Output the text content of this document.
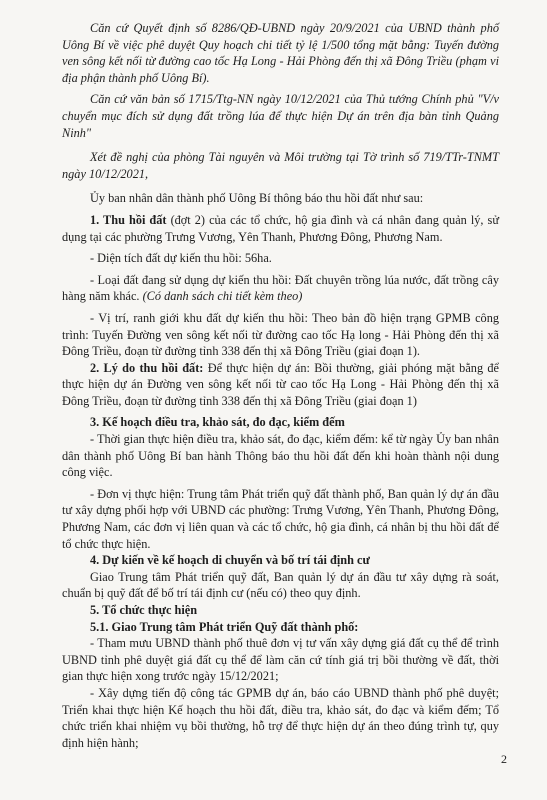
Căn cứ Quyết định số 8286/QĐ-UBND ngày 20/9/2021 của UBND thành phố Uông Bí về việc phê duyệt Quy hoạch chi tiết tỷ lệ 1/500 tổng mặt bằng: Tuyến đường ven sông kết nối từ đường cao tốc Hạ Long - Hải Phòng đến thị xã Đông Triều (phạm vi địa phận thành phố Uông Bí).

Căn cứ văn bản số 1715/Ttg-NN ngày 10/12/2021 của Thủ tướng Chính phủ "V/v chuyển mục đích sử dụng đất trồng lúa để thực hiện Dự án trên địa bàn tỉnh Quảng Ninh"

Xét đề nghị của phòng Tài nguyên và Môi trường tại Tờ trình số 719/TTr-TNMT ngày 10/12/2021,

Ủy ban nhân dân thành phố Uông Bí thông báo thu hồi đất như sau:

1. Thu hồi đất (đợt 2) của các tổ chức, hộ gia đình và cá nhân đang quản lý, sử dụng tại các phường Trưng Vương, Yên Thanh, Phương Đông, Phương Nam.

- Diện tích đất dự kiến thu hồi: 56ha.

- Loại đất đang sử dụng dự kiến thu hồi: Đất chuyên trồng lúa nước, đất trồng cây hàng năm khác. (Có danh sách chi tiết kèm theo)

- Vị trí, ranh giới khu đất dự kiến thu hồi: Theo bản đồ hiện trạng GPMB công trình: Tuyến Đường ven sông kết nối từ đường cao tốc Hạ long - Hải Phòng đến thị xã Đông Triều, đoạn từ đường tỉnh 338 đến thị xã Đông Triều (giai đoạn 1).

2. Lý do thu hồi đất: Để thực hiện dự án: Bồi thường, giải phóng mặt bằng để thực hiện dự án Đường ven sông kết nối từ cao tốc Hạ Long - Hải Phòng đến thị xã Đông Triều, đoạn từ đường tỉnh 338 đến thị xã Đông Triều (giai đoạn 1)

3. Kế hoạch điều tra, khảo sát, đo đạc, kiểm đếm

- Thời gian thực hiện điều tra, khảo sát, đo đạc, kiểm đếm: kể từ ngày Ủy ban nhân dân thành phố Uông Bí ban hành Thông báo thu hồi đất đến khi hoàn thành nội dung công việc.

- Đơn vị thực hiện: Trung tâm Phát triển quỹ đất thành phố, Ban quản lý dự án đầu tư xây dựng phối hợp với UBND các phường: Trưng Vương, Yên Thanh, Phương Đông, Phương Nam, các đơn vị liên quan và các tổ chức, hộ gia đình, cá nhân bị thu hồi đất để tổ chức thực hiện.

4. Dự kiến về kế hoạch di chuyển và bố trí tái định cư

Giao Trung tâm Phát triển quỹ đất, Ban quản lý dự án đầu tư xây dựng rà soát, chuẩn bị quỹ đất để bố trí tái định cư (nếu có) theo quy định.

5. Tổ chức thực hiện

5.1. Giao Trung tâm Phát triển Quỹ đất thành phố:

- Tham mưu UBND thành phố thuê đơn vị tư vấn xây dựng giá đất cụ thể để trình UBND tỉnh phê duyệt giá đất cụ thể để làm căn cứ tính giá trị bồi thường về đất, thời gian thực hiện xong trước ngày 15/12/2021;

- Xây dựng tiến độ công tác GPMB dự án, báo cáo UBND thành phố phê duyệt; Triển khai thực hiện Kế hoạch thu hồi đất, điều tra, khảo sát, đo đạc và kiểm đếm; Tổ chức triển khai nhiệm vụ bồi thường, hỗ trợ để thực hiện dự án theo đúng trình tự, quy định hiện hành;

2
